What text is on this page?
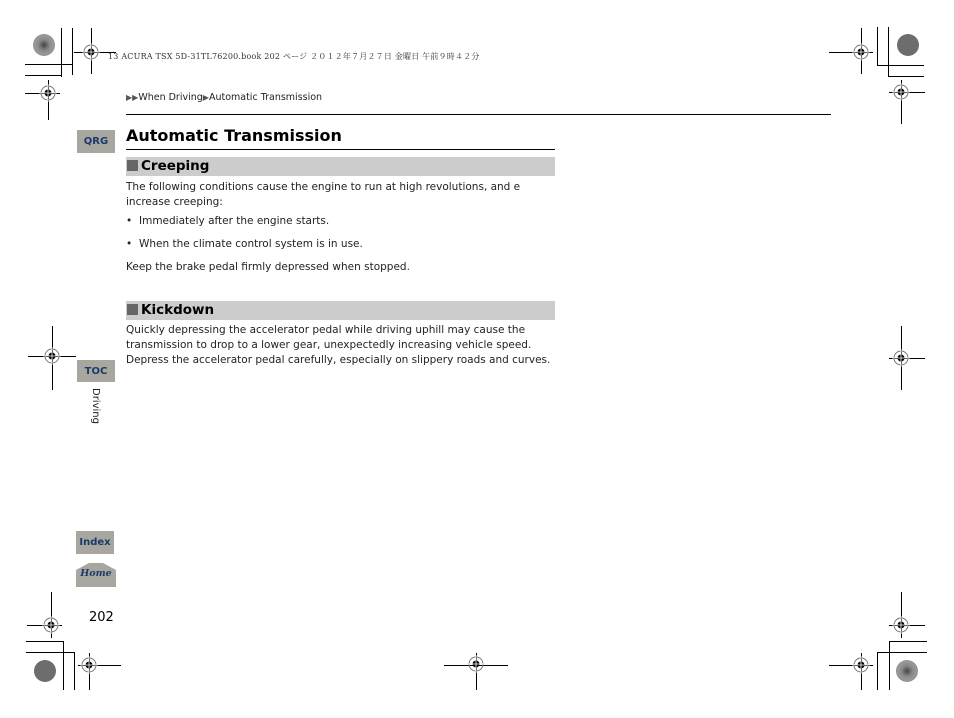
13 ACURA TSX 5D-31TL76200.book 202 ページ ２０１２年７月２７日 金曜日 午前９時４２分
▶▶When Driving▶Automatic Transmission
QRG
TOC
Driving
Index
Home
Automatic Transmission
Creeping
The following conditions cause the engine to run at high revolutions, and e increase creeping:
• Immediately after the engine starts.
• When the climate control system is in use.
Keep the brake pedal firmly depressed when stopped.
Kickdown
Quickly depressing the accelerator pedal while driving uphill may cause the transmission to drop to a lower gear, unexpectedly increasing vehicle speed. Depress the accelerator pedal carefully, especially on slippery roads and curves.
202
